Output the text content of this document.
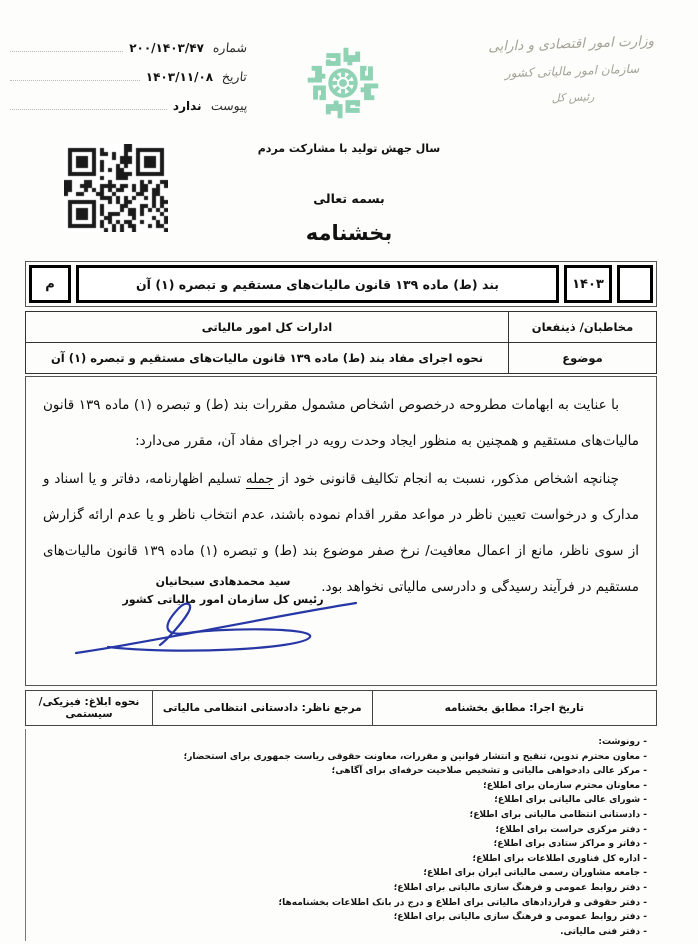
شماره
۲۰۰/۱۴۰۳/۴۷
تاریخ
۱۴۰۳/۱۱/۰۸
پیوست
ندارد
وزارت امور اقتصادی و دارایی
سازمان امور مالیاتی کشور
رئیس کل
سال جهش تولید با مشارکت مردم
بسمه تعالی
بخشنامه
۱۴۰۳
بند (ط) ماده ۱۳۹ قانون مالیات‌های مستقیم و تبصره (۱) آن
م
مخاطبان/ ذینفعان
ادارات کل امور مالیاتی
موضوع
نحوه اجرای مفاد بند (ط) ماده ۱۳۹ قانون مالیات‌های مستقیم و تبصره (۱) آن

با عنایت به ابهامات مطروحه درخصوص اشخاص مشمول مقررات بند (ط) و تبصره (۱) ماده ۱۳۹ قانون مالیات‌های مستقیم و همچنین به منظور ایجاد وحدت رویه در اجرای مفاد آن، مقرر می‌دارد:

چنانچه اشخاص مذکور، نسبت به انجام تکالیف قانونی خود از جمله تسلیم اظهارنامه، دفاتر و یا اسناد و مدارک و درخواست تعیین ناظر در مواعد مقرر اقدام نموده باشند، عدم انتخاب ناظر و یا عدم ارائه گزارش از سوی ناظر، مانع از اعمال معافیت/ نرخ صفر موضوع بند (ط) و تبصره (۱) ماده ۱۳۹ قانون مالیات‌های مستقیم در فرآیند رسیدگی و دادرسی مالیاتی نخواهد بود.

سید محمدهادی سبحانیان
رئیس کل سازمان امور مالیاتی کشور
تاریخ اجرا: مطابق بخشنامه
مرجع ناظر: دادستانی انتظامی مالیاتی
نحوه ابلاغ: فیزیکی/سیستمی
- رونوشت:
- معاون محترم تدوین، تنقیح و انتشار قوانین و مقررات، معاونت حقوقی ریاست جمهوری برای استحضار؛
- مرکز عالی دادخواهی مالیاتی و تشخیص صلاحیت حرفه‌ای برای آگاهی؛
- معاونان محترم سازمان برای اطلاع؛
- شورای عالی مالیاتی برای اطلاع؛
- دادستانی انتظامی مالیاتی برای اطلاع؛
- دفتر مرکزی حراست برای اطلاع؛
- دفاتر و مراکز ستادی برای اطلاع؛
- اداره کل فناوری اطلاعات برای اطلاع؛
- جامعه مشاوران رسمی مالیاتی ایران برای اطلاع؛
- دفتر روابط عمومی و فرهنگ سازی مالیاتی برای اطلاع؛
- دفتر حقوقی و قراردادهای مالیاتی برای اطلاع و درج در بانک اطلاعات بخشنامه‌ها؛
- دفتر روابط عمومی و فرهنگ سازی مالیاتی برای اطلاع؛
- دفتر فنی مالیاتی.
